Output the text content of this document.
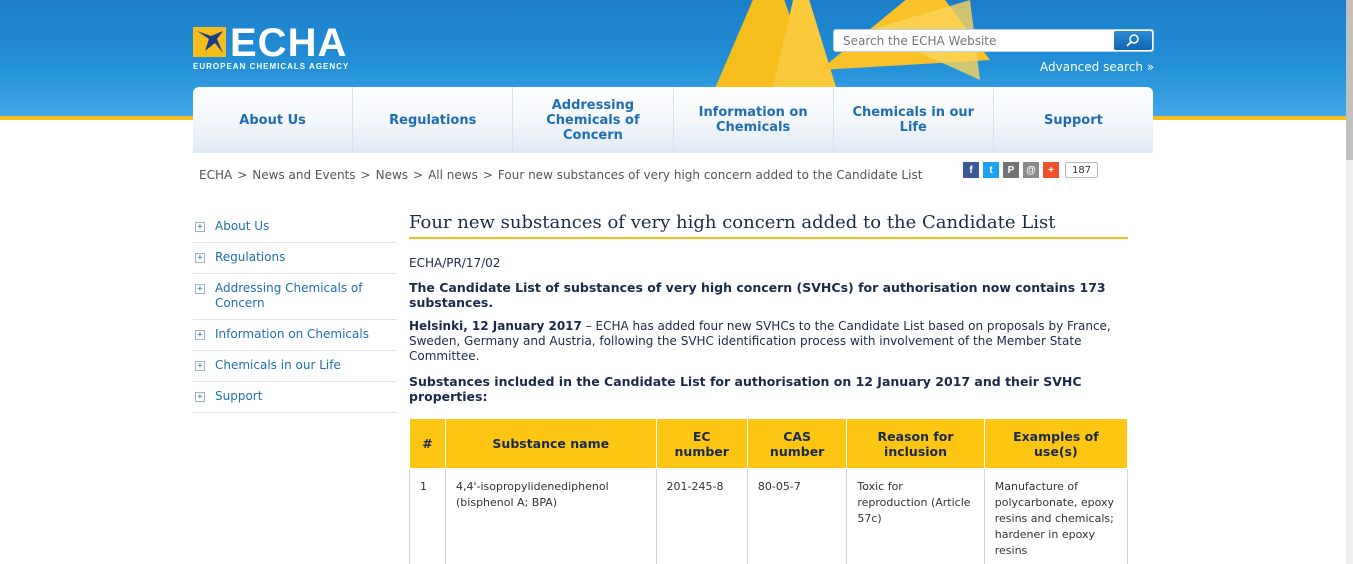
ECHA
EUROPEAN CHEMICALS AGENCY
Search the ECHA Website	Advanced search »
About Us	Regulations
Addressing Chemicals of Concern
Information on Chemicals
Chemicals in our Life	Support
ECHA > News and Events > News > All news > Four new substances of very high concern added to the Candidate List	f	t	P	@	+	187
+ About Us
+ Regulations
+ Addressing Chemicals of Concern
+ Information on Chemicals
+ Chemicals in our Life
+ Support
Four new substances of very high concern added to the Candidate List
ECHA/PR/17/02
The Candidate List of substances of very high concern (SVHCs) for authorisation now contains 173 substances.
Helsinki, 12 January 2017 – ECHA has added four new SVHCs to the Candidate List based on proposals by France, Sweden, Germany and Austria, following the SVHC identification process with involvement of the Member State Committee.
Substances included in the Candidate List for authorisation on 12 January 2017 and their SVHC properties:
#	Substance name	EC number	CAS number	Reason for inclusion	Examples of use(s)
1	4,4'-isopropylidenediphenol (bisphenol A; BPA)	201-245-8	80-05-7	Toxic for reproduction (Article 57c)	Manufacture of polycarbonate, epoxy resins and chemicals; hardener in epoxy resins
